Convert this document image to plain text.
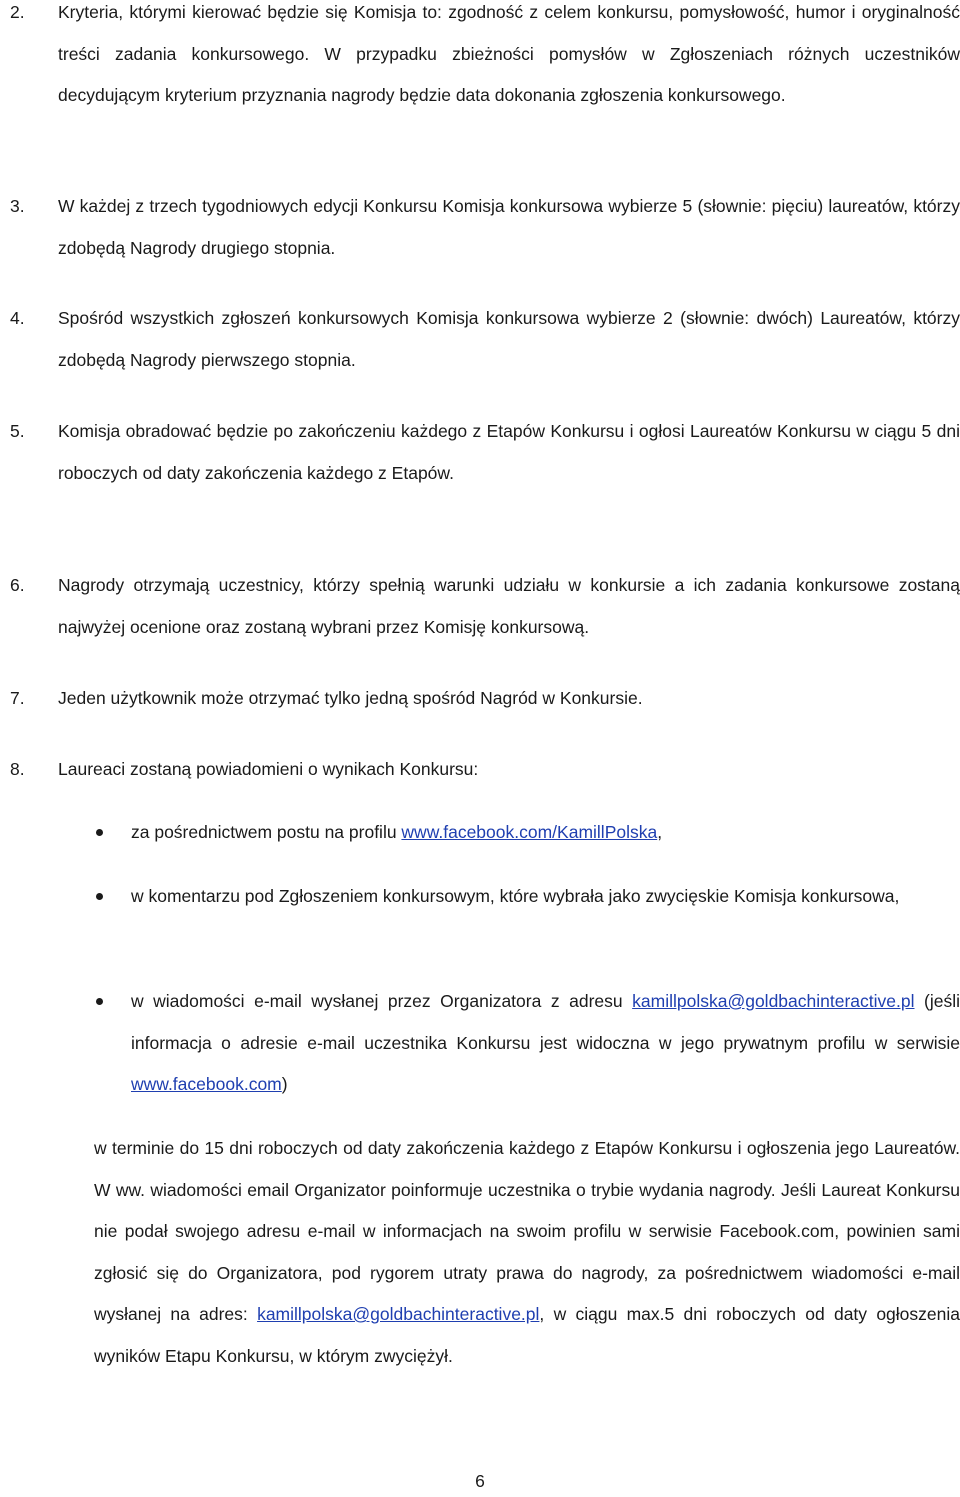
2. Kryteria, którymi kierować będzie się Komisja to: zgodność z celem konkursu, pomysłowość, humor i oryginalność treści zadania konkursowego. W przypadku zbieżności pomysłów w Zgłoszeniach różnych uczestników decydującym kryterium przyznania nagrody będzie data dokonania zgłoszenia konkursowego.
3. W każdej z trzech tygodniowych edycji Konkursu Komisja konkursowa wybierze 5 (słownie: pięciu) laureatów, którzy zdobędą Nagrody drugiego stopnia.
4. Spośród wszystkich zgłoszeń konkursowych Komisja konkursowa wybierze 2 (słownie: dwóch) Laureatów, którzy zdobędą Nagrody pierwszego stopnia.
5. Komisja obradować będzie po zakończeniu każdego z Etapów Konkursu i ogłosi Laureatów Konkursu w ciągu 5 dni roboczych od daty zakończenia każdego z Etapów.
6. Nagrody otrzymają uczestnicy, którzy spełnią warunki udziału w konkursie a ich zadania konkursowe zostaną najwyżej ocenione oraz zostaną wybrani przez Komisję konkursową.
7. Jeden użytkownik może otrzymać tylko jedną spośród Nagród w Konkursie.
8. Laureaci zostaną powiadomieni o wynikach Konkursu:
za pośrednictwem postu na profilu www.facebook.com/KamillPolska,
w komentarzu pod Zgłoszeniem konkursowym, które wybrała jako zwycięskie Komisja konkursowa,
w wiadomości e-mail wysłanej przez Organizatora z adresu kamillpolska@goldbachinteractive.pl (jeśli informacja o adresie e-mail uczestnika Konkursu jest widoczna w jego prywatnym profilu w serwisie www.facebook.com)
w terminie do 15 dni roboczych od daty zakończenia każdego z Etapów Konkursu i ogłoszenia jego Laureatów. W ww. wiadomości email Organizator poinformuje uczestnika o trybie wydania nagrody. Jeśli Laureat Konkursu nie podał swojego adresu e-mail w informacjach na swoim profilu w serwisie Facebook.com, powinien sami zgłosić się do Organizatora, pod rygorem utraty prawa do nagrody, za pośrednictwem wiadomości e-mail wysłanej na adres: kamillpolska@goldbachinteractive.pl, w ciągu max.5 dni roboczych od daty ogłoszenia wyników Etapu Konkursu, w którym zwyciężył.
6
